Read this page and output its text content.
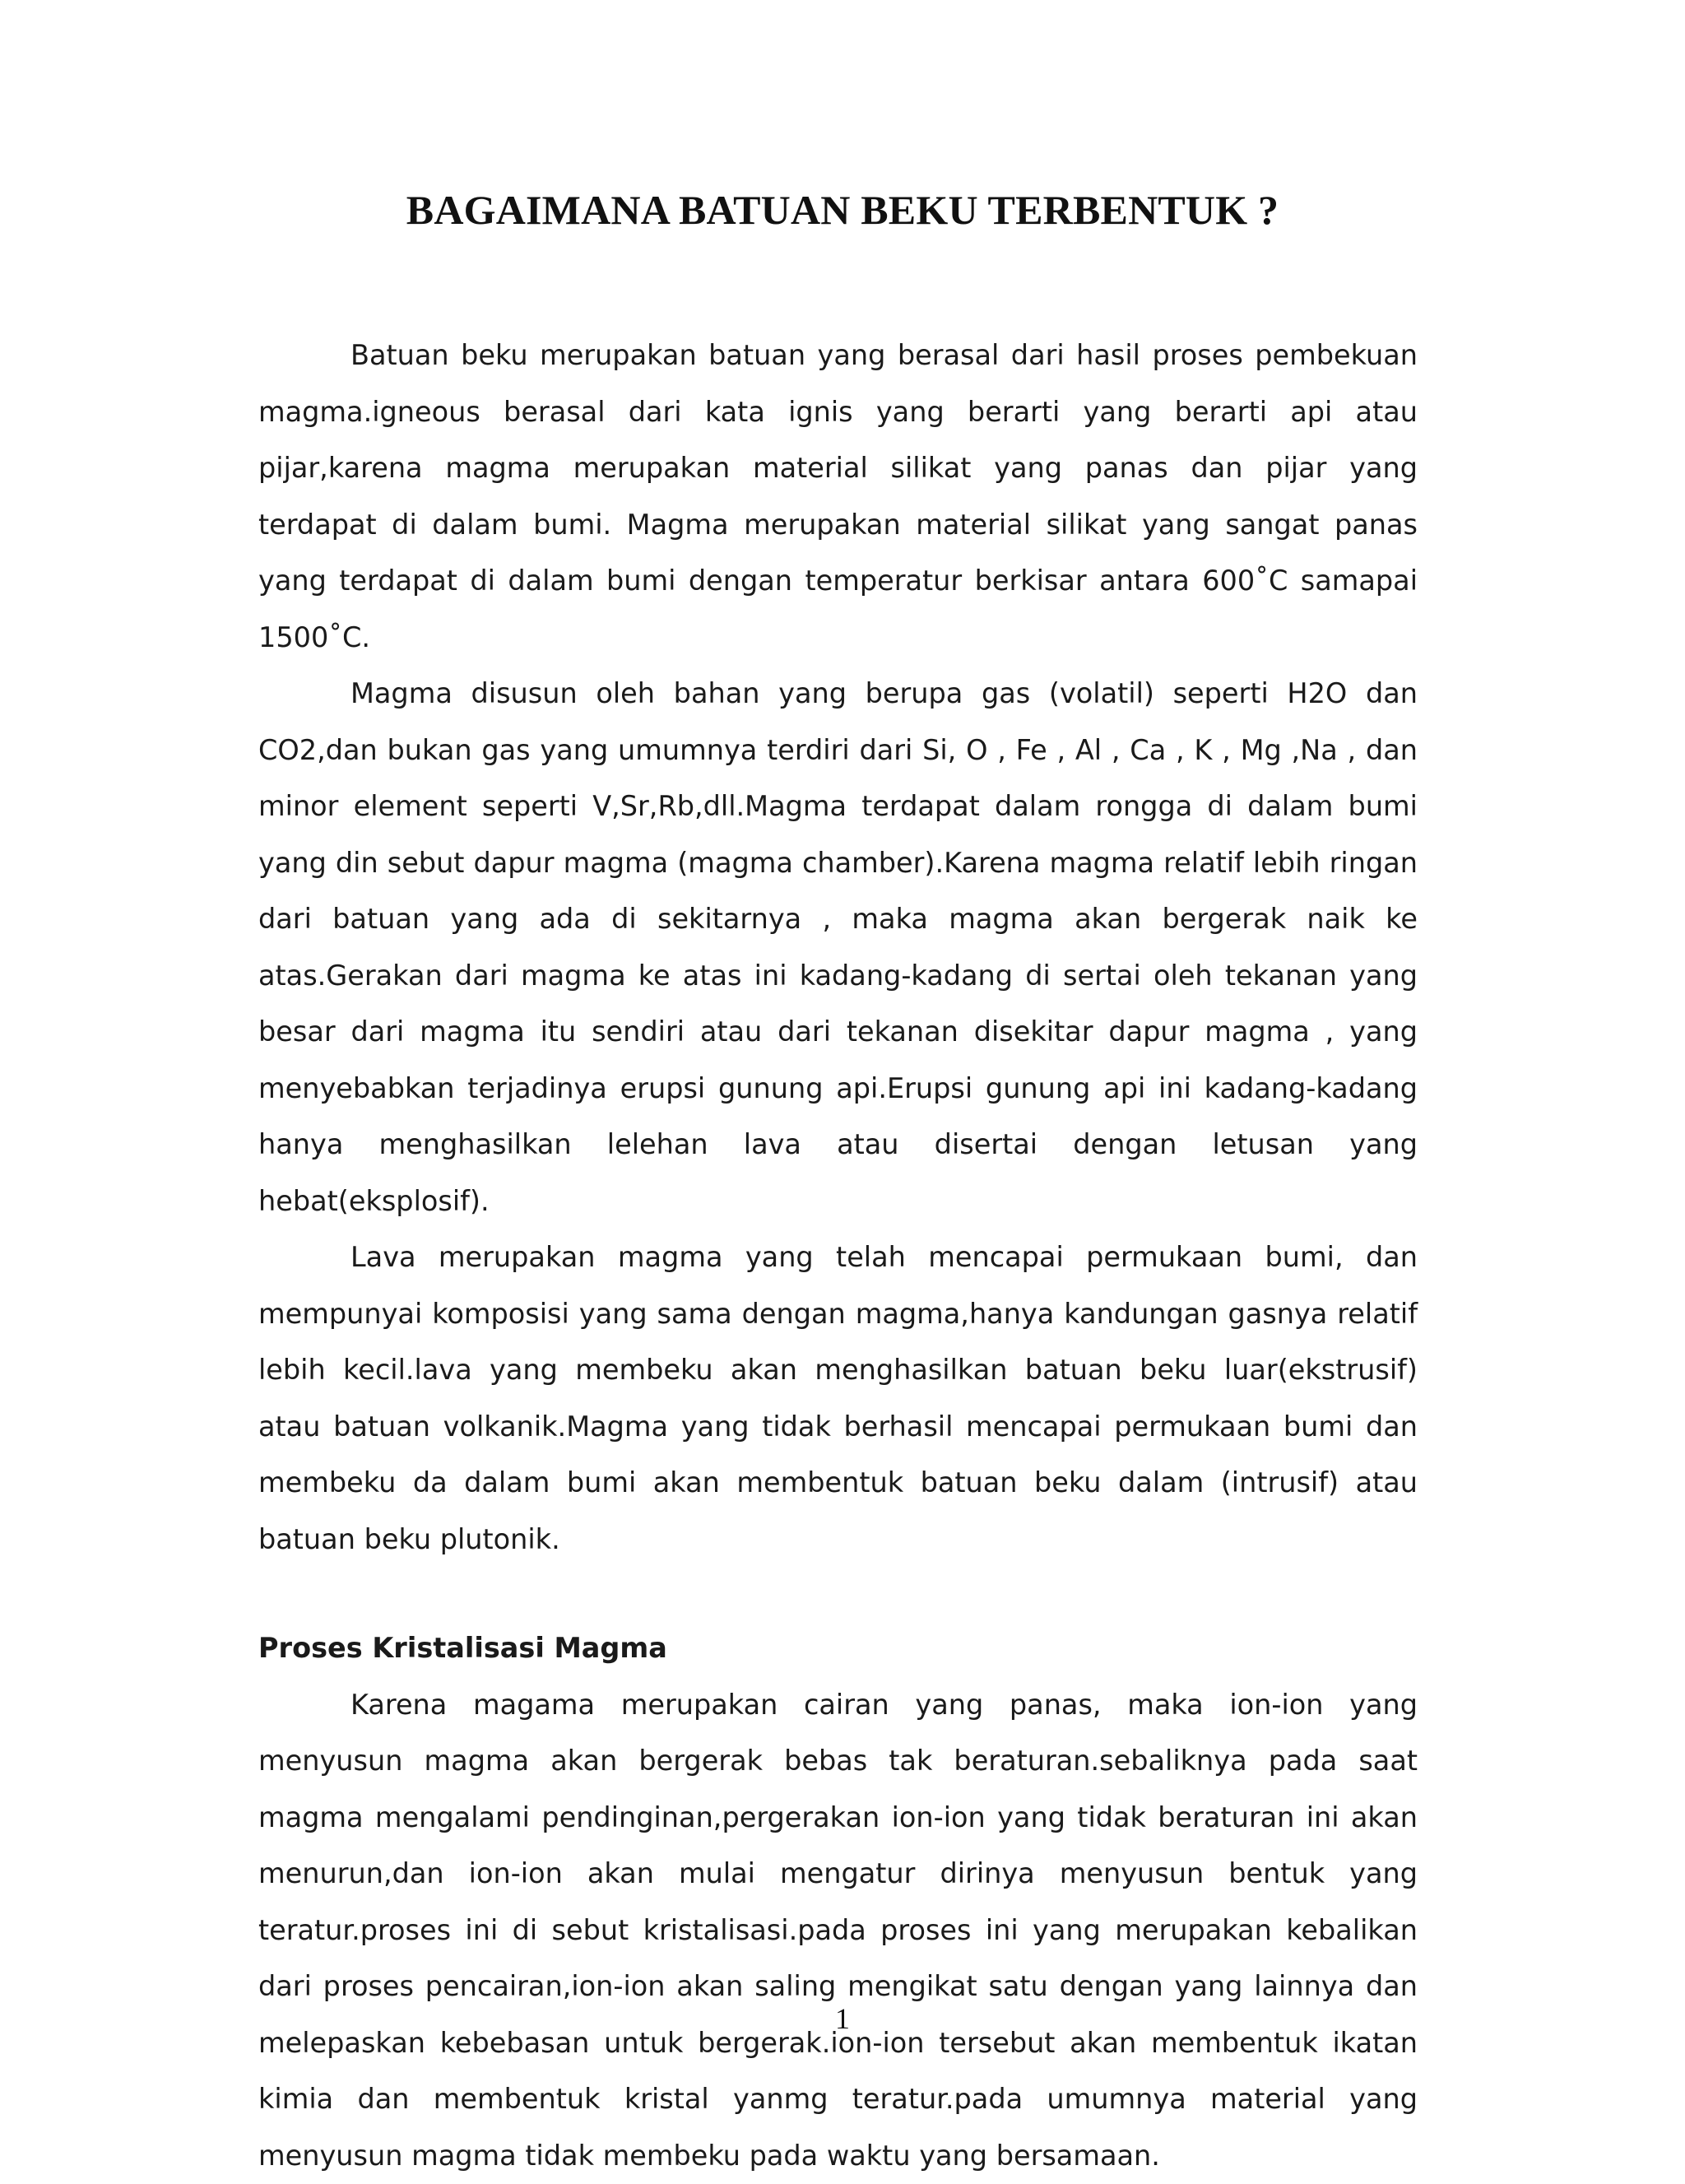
BAGAIMANA BATUAN BEKU TERBENTUK ?

Batuan beku merupakan batuan yang berasal dari hasil proses pembekuan magma.igneous berasal dari kata ignis yang berarti yang berarti api atau pijar,karena magma merupakan material silikat yang panas dan pijar yang terdapat di dalam bumi. Magma merupakan material silikat yang sangat panas yang terdapat di dalam bumi dengan temperatur berkisar antara 600˚C samapai 1500˚C.

Magma disusun oleh bahan yang berupa gas (volatil) seperti H2O dan CO2,dan bukan gas yang umumnya terdiri dari Si, O , Fe , Al , Ca , K , Mg ,Na , dan minor element seperti V,Sr,Rb,dll.Magma terdapat dalam rongga di dalam bumi yang din sebut dapur magma (magma chamber).Karena magma relatif lebih ringan dari batuan yang ada di sekitarnya , maka magma akan bergerak naik ke atas.Gerakan dari magma ke atas ini kadang-kadang di sertai oleh tekanan yang besar dari magma itu sendiri atau dari tekanan disekitar dapur magma , yang menyebabkan terjadinya erupsi gunung api.Erupsi gunung api ini kadang-kadang hanya menghasilkan lelehan lava atau disertai dengan letusan yang hebat(eksplosif).

Lava merupakan magma yang telah mencapai permukaan bumi, dan mempunyai komposisi yang sama dengan magma,hanya kandungan gasnya relatif lebih kecil.lava yang membeku akan menghasilkan batuan beku luar(ekstrusif) atau batuan volkanik.Magma yang tidak berhasil mencapai permukaan bumi dan membeku da dalam bumi akan membentuk batuan beku dalam (intrusif) atau batuan beku plutonik.

Proses Kristalisasi Magma

Karena magama merupakan cairan yang panas, maka ion-ion yang menyusun magma akan bergerak bebas tak beraturan.sebaliknya pada saat magma mengalami pendinginan,pergerakan ion-ion yang tidak beraturan ini akan menurun,dan ion-ion akan mulai mengatur dirinya menyusun bentuk yang teratur.proses ini di sebut kristalisasi.pada proses ini yang merupakan kebalikan dari proses pencairan,ion-ion akan saling mengikat satu dengan yang lainnya dan melepaskan kebebasan untuk bergerak.ion-ion tersebut akan membentuk ikatan kimia dan membentuk kristal yanmg teratur.pada umumnya material yang menyusun magma tidak membeku pada waktu yang bersamaan.

1
